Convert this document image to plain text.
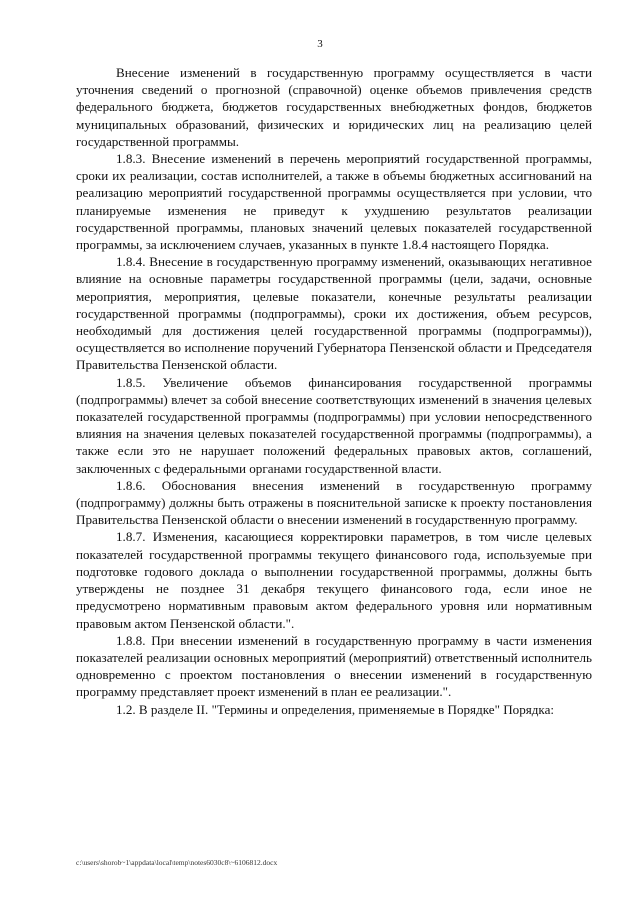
3

Внесение изменений в государственную программу осуществляется в части уточнения сведений о прогнозной (справочной) оценке объемов привлечения средств федерального бюджета, бюджетов государственных внебюджетных фондов, бюджетов муниципальных образований, физических и юридических лиц на реализацию целей государственной программы.

1.8.3. Внесение изменений в перечень мероприятий государственной программы, сроки их реализации, состав исполнителей, а также в объемы бюджетных ассигнований на реализацию мероприятий государственной программы осуществляется при условии, что планируемые изменения не приведут к ухудшению результатов реализации государственной программы, плановых значений целевых показателей государственной программы, за исключением случаев, указанных в пункте 1.8.4 настоящего Порядка.

1.8.4. Внесение в государственную программу изменений, оказывающих негативное влияние на основные параметры государственной программы (цели, задачи, основные мероприятия, мероприятия, целевые показатели, конечные результаты реализации государственной программы (подпрограммы), сроки их достижения, объем ресурсов, необходимый для достижения целей государственной программы (подпрограммы)), осуществляется во исполнение поручений Губернатора Пензенской области и Председателя Правительства Пензенской области.

1.8.5. Увеличение объемов финансирования государственной программы (подпрограммы) влечет за собой внесение соответствующих изменений в значения целевых показателей государственной программы (подпрограммы) при условии непосредственного влияния на значения целевых показателей государственной программы (подпрограммы), а также если это не нарушает положений федеральных правовых актов, соглашений, заключенных с федеральными органами государственной власти.

1.8.6. Обоснования внесения изменений в государственную программу (подпрограмму) должны быть отражены в пояснительной записке к проекту постановления Правительства Пензенской области о внесении изменений в государственную программу.

1.8.7. Изменения, касающиеся корректировки параметров, в том числе целевых показателей государственной программы текущего финансового года, используемые при подготовке годового доклада о выполнении государственной программы, должны быть утверждены не позднее 31 декабря текущего финансового года, если иное не предусмотрено нормативным правовым актом федерального уровня или нормативным правовым актом Пензенской области.".

1.8.8. При внесении изменений в государственную программу в части изменения показателей реализации основных мероприятий (мероприятий) ответственный исполнитель одновременно с проектом постановления о внесении изменений в государственную программу представляет проект изменений в план ее реализации.".

1.2. В разделе II. "Термины и определения, применяемые в Порядке" Порядка:

c:\users\shorob~1\appdata\local\temp\notes6030c8\~6106812.docx
